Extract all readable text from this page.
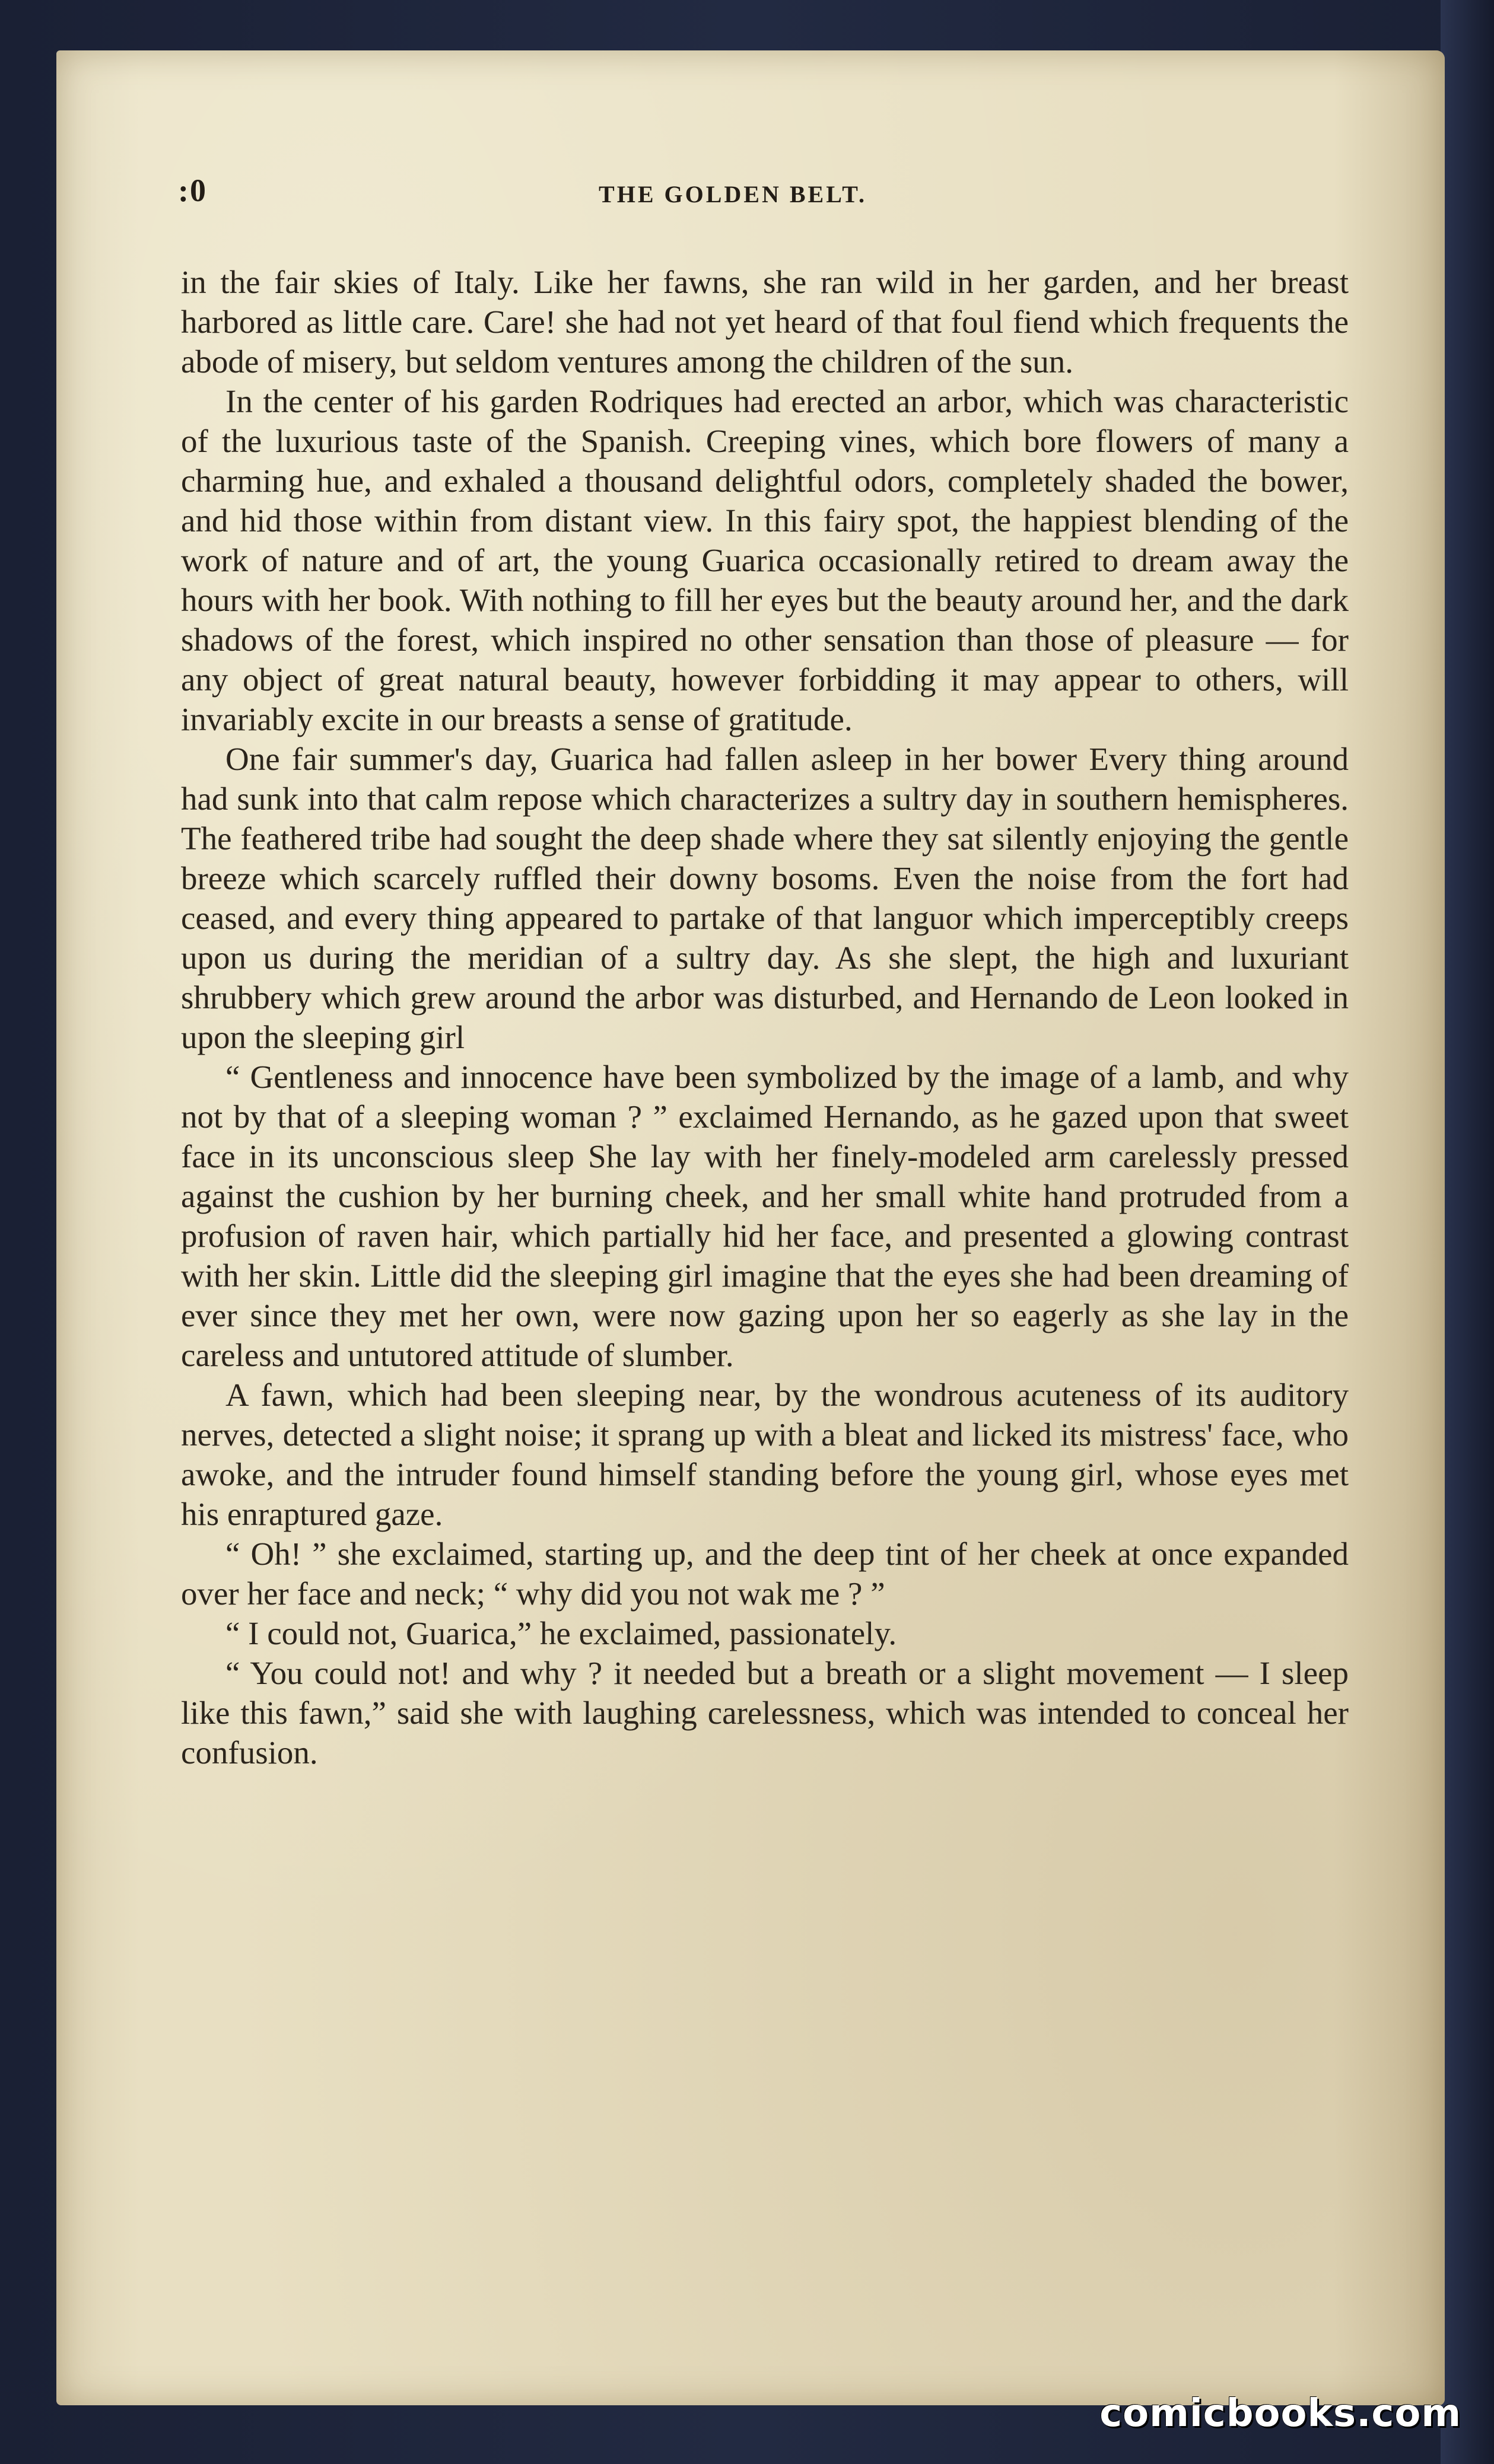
:0	THE GOLDEN BELT.

in the fair skies of Italy. Like her fawns, she ran wild in her garden, and her breast harbored as little care. Care! she had not yet heard of that foul fiend which frequents the abode of misery, but seldom ventures among the children of the sun.

In the center of his garden Rodriques had erected an arbor, which was characteristic of the luxurious taste of the Spanish. Creeping vines, which bore flowers of many a charming hue, and exhaled a thousand delightful odors, completely shaded the bower, and hid those within from distant view. In this fairy spot, the happiest blending of the work of nature and of art, the young Guarica occasionally retired to dream away the hours with her book. With nothing to fill her eyes but the beauty around her, and the dark shadows of the forest, which inspired no other sensation than those of pleasure — for any object of great natural beauty, however forbidding it may appear to others, will invariably excite in our breasts a sense of gratitude.

One fair summer's day, Guarica had fallen asleep in her bower Every thing around had sunk into that calm repose which characterizes a sultry day in southern hemispheres. The feathered tribe had sought the deep shade where they sat silently enjoying the gentle breeze which scarcely ruffled their downy bosoms. Even the noise from the fort had ceased, and every thing appeared to partake of that languor which imperceptibly creeps upon us during the meridian of a sultry day. As she slept, the high and luxuriant shrubbery which grew around the arbor was disturbed, and Hernando de Leon looked in upon the sleeping girl

“ Gentleness and innocence have been symbolized by the image of a lamb, and why not by that of a sleeping woman ? ” exclaimed Hernando, as he gazed upon that sweet face in its unconscious sleep She lay with her finely-modeled arm carelessly pressed against the cushion by her burning cheek, and her small white hand protruded from a profusion of raven hair, which partially hid her face, and presented a glowing contrast with her skin. Little did the sleeping girl imagine that the eyes she had been dreaming of ever since they met her own, were now gazing upon her so eagerly as she lay in the careless and untutored attitude of slumber.

A fawn, which had been sleeping near, by the wondrous acuteness of its auditory nerves, detected a slight noise; it sprang up with a bleat and licked its mistress' face, who awoke, and the intruder found himself standing before the young girl, whose eyes met his enraptured gaze.

“ Oh! ” she exclaimed, starting up, and the deep tint of her cheek at once expanded over her face and neck; “ why did you not wak me ? ”

“ I could not, Guarica,” he exclaimed, passionately.

“ You could not! and why ? it needed but a breath or a slight movement — I sleep like this fawn,” said she with laughing carelessness, which was intended to conceal her confusion.

comicbooks.com
